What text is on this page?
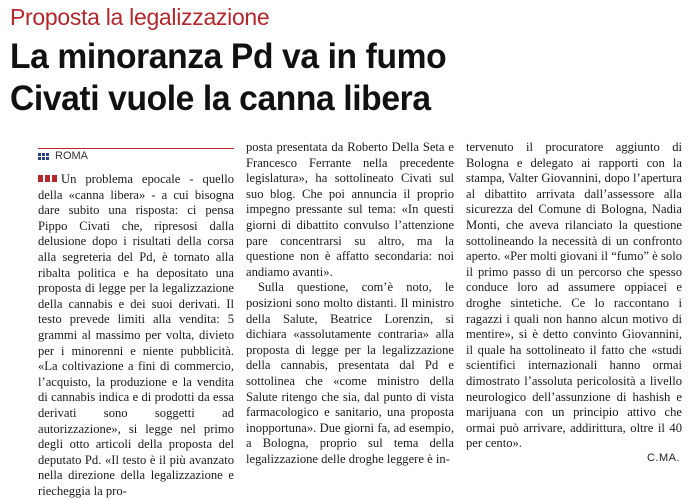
Proposta la legalizzazione
La minoranza Pd va in fumo
Civati vuole la canna libera
ROMA

Un problema epocale - quello della «canna libera» - a cui bisogna dare subito una risposta: ci pensa Pippo Civati che, ripresosi dalla delusione dopo i risultati della corsa alla segreteria del Pd, è tornato alla ribalta politica e ha depositato una proposta di legge per la legalizzazione della cannabis e dei suoi derivati. Il testo prevede limiti alla vendita: 5 grammi al massimo per volta, divieto per i minorenni e niente pubblicità. «La coltivazione a fini di commercio, l’acquisto, la produzione e la vendita di cannabis indica e di prodotti da essa derivati sono soggetti ad autorizzazione», si legge nel primo degli otto articoli della proposta del deputato Pd. «Il testo è il più avanzato nella direzione della legalizzazione e riecheggia la pro-

posta presentata da Roberto Della Seta e Francesco Ferrante nella precedente legislatura», ha sottolineato Civati sul suo blog. Che poi annuncia il proprio impegno pressante sul tema: «In questi giorni di dibattito convulso l’attenzione pare concentrarsi su altro, ma la questione non è affatto secondaria: noi andiamo avanti».

Sulla questione, com’è noto, le posizioni sono molto distanti. Il ministro della Salute, Beatrice Lorenzin, si dichiara «assolutamente contraria» alla proposta di legge per la legalizzazione della cannabis, presentata dal Pd e sottolinea che «come ministro della Salute ritengo che sia, dal punto di vista farmacologico e sanitario, una proposta inopportuna». Due giorni fa, ad esempio, a Bologna, proprio sul tema della legalizzazione delle droghe leggere è in-

tervenuto il procuratore aggiunto di Bologna e delegato ai rapporti con la stampa, Valter Giovannini, dopo l’apertura al dibattito arrivata dall’assessore alla sicurezza del Comune di Bologna, Nadia Monti, che aveva rilanciato la questione sottolineando la necessità di un confronto aperto. «Per molti giovani il “fumo” è solo il primo passo di un percorso che spesso conduce loro ad assumere oppiacei e droghe sintetiche. Ce lo raccontano i ragazzi i quali non hanno alcun motivo di mentire», si è detto convinto Giovannini, il quale ha sottolineato il fatto che «studi scientifici internazionali hanno ormai dimostrato l’assoluta pericolosità a livello neurologico dell’assunzione di hashish e marijuana con un principio attivo che ormai può arrivare, addirittura, oltre il 40 per cento».

C.MA.
